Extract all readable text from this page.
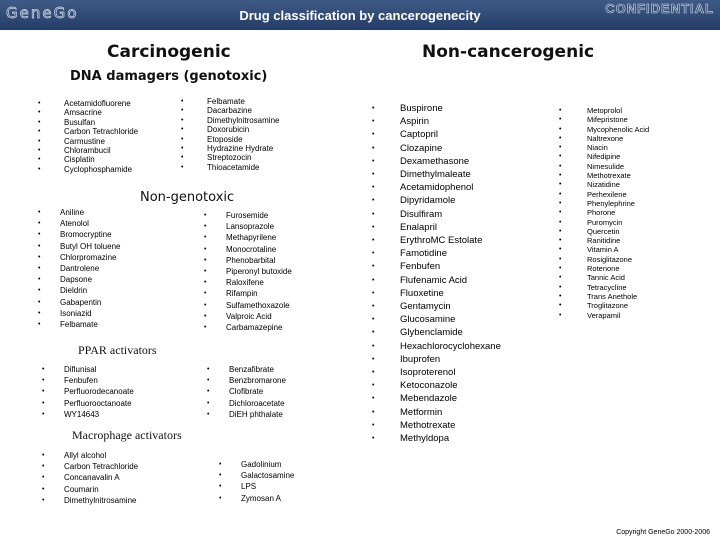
GeneGo	Drug classification by cancerogenecity	CONFIDENTIAL
Carcinogenic	Non-cancerogenic
DNA damagers (genotoxic)
• Acetamidofluorene
• Amsacrine
• Busulfan
• Carbon Tetrachloride
• Carmustine
• Chlorambucil
• Cisplatin
• Cyclophosphamide
• Felbamate
• Dacarbazine
• Dimethylnitrosamine
• Doxorubicin
• Etoposide
• Hydrazine Hydrate
• Streptozocin
• Thioacetamide
Non-genotoxic
• Aniline
• Atenolol
• Bromocryptine
• Butyl OH toluene
• Chlorpromazine
• Dantrolene
• Dapsone
• Dieldrin
• Gabapentin
• Isoniazid
• Felbamate
• Furosemide
• Lansoprazole
• Methapyrilene
• Monocrotaline
• Phenobarbital
• Piperonyl butoxide
• Raloxifene
• Rifampin
• Sulfamethoxazole
• Valproic Acid
• Carbamazepine
PPAR activators
• Diflunisal
• Fenbufen
• Perfluorodecanoate
• Perfluorooctanoate
• WY14643
• Benzafibrate
• Benzbromarone
• Clofibrate
• Dichloroacetate
• DiEH phthalate
Macrophage activators
• Allyl alcohol
• Carbon Tetrachloride
• Concanavalin A
• Coumarin
• Dimethylnitrosamine
• Gadolinium
• Galactosamine
• LPS
• Zymosan A
• Buspirone
• Aspirin
• Captopril
• Clozapine
• Dexamethasone
• Dimethylmaleate
• Acetamidophenol
• Dipyridamole
• Disulfiram
• Enalapril
• ErythroMC Estolate
• Famotidine
• Fenbufen
• Flufenamic Acid
• Fluoxetine
• Gentamycin
• Glucosamine
• Glybenclamide
• Hexachlorocyclohexane
• Ibuprofen
• Isoproterenol
• Ketoconazole
• Mebendazole
• Metformin
• Methotrexate
• Methyldopa
• Metoprolol
• Mifepristone
• Mycophenolic Acid
• Naltrexone
• Niacin
• Nifedipine
• Nimesulide
• Methotrexate
• Nizatidine
• Perhexilene
• Phenylephrine
• Phorone
• Puromycin
• Quercetin
• Ranitidine
• Vitamin A
• Rosiglitazone
• Rotenone
• Tannic Acid
• Tetracycline
• Trans Anethole
• Troglitazone
• Verapamil
Copyright GeneGo 2000-2006
